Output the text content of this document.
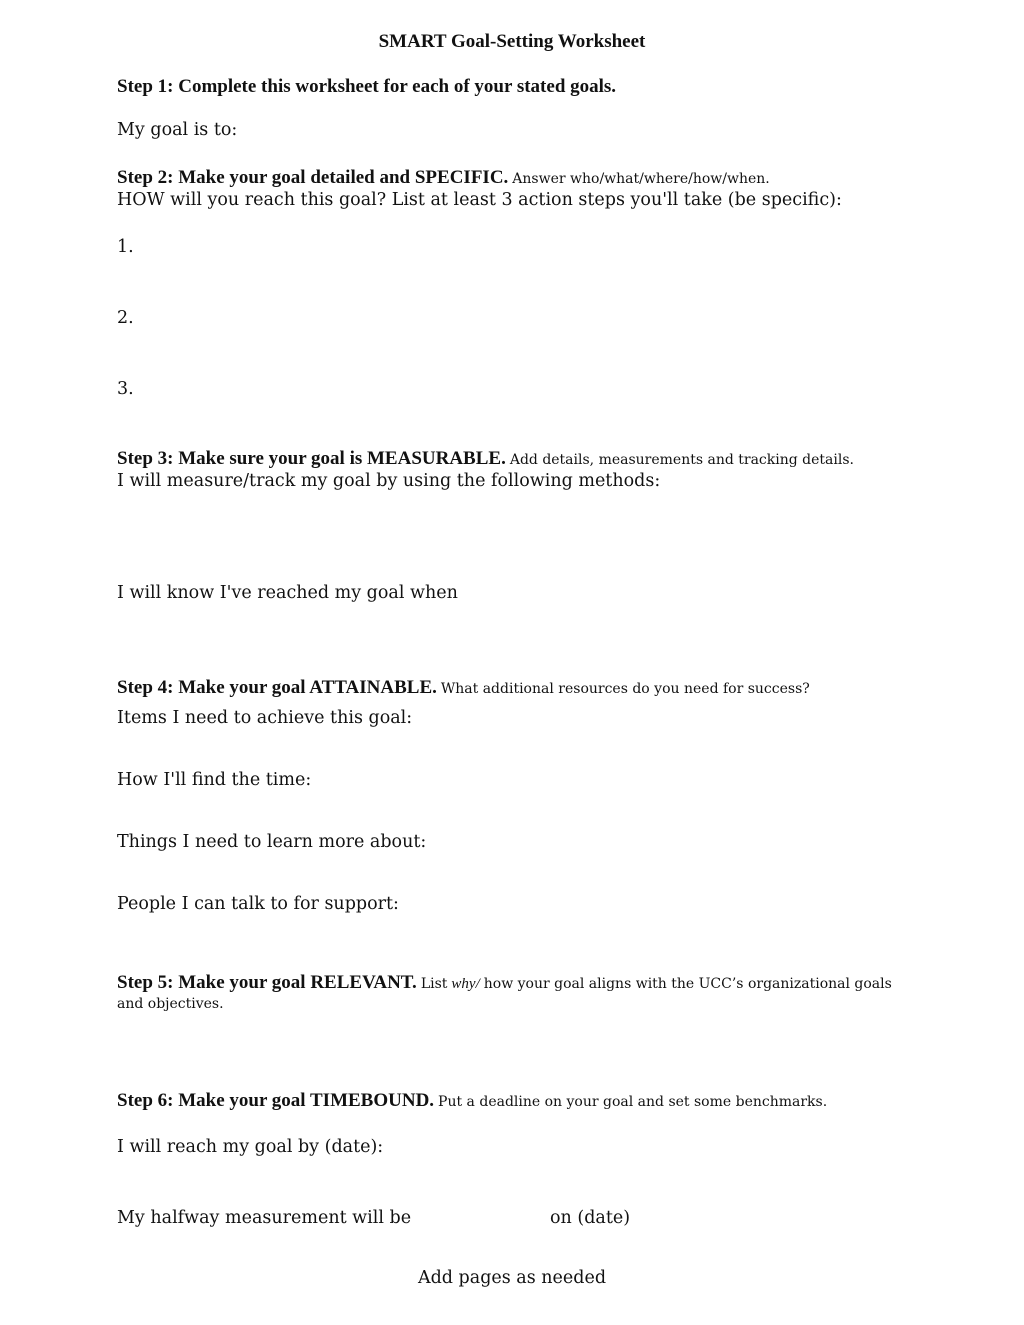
SMART Goal-Setting Worksheet
Step 1: Complete this worksheet for each of your stated goals.
My goal is to:
Step 2: Make your goal detailed and SPECIFIC. Answer who/what/where/how/when.
HOW will you reach this goal? List at least 3 action steps you'll take (be specific):
1.
2.
3.
Step 3: Make sure your goal is MEASURABLE. Add details, measurements and tracking details.
I will measure/track my goal by using the following methods:
I will know I've reached my goal when
Step 4: Make your goal ATTAINABLE. What additional resources do you need for success?
Items I need to achieve this goal:
How I'll find the time:
Things I need to learn more about:
People I can talk to for support:
Step 5: Make your goal RELEVANT. List why/ how your goal aligns with the UCC’s organizational goals
and objectives.
Step 6: Make your goal TIMEBOUND. Put a deadline on your goal and set some benchmarks.
I will reach my goal by (date):
My halfway measurement will be	on (date)
Add pages as needed
